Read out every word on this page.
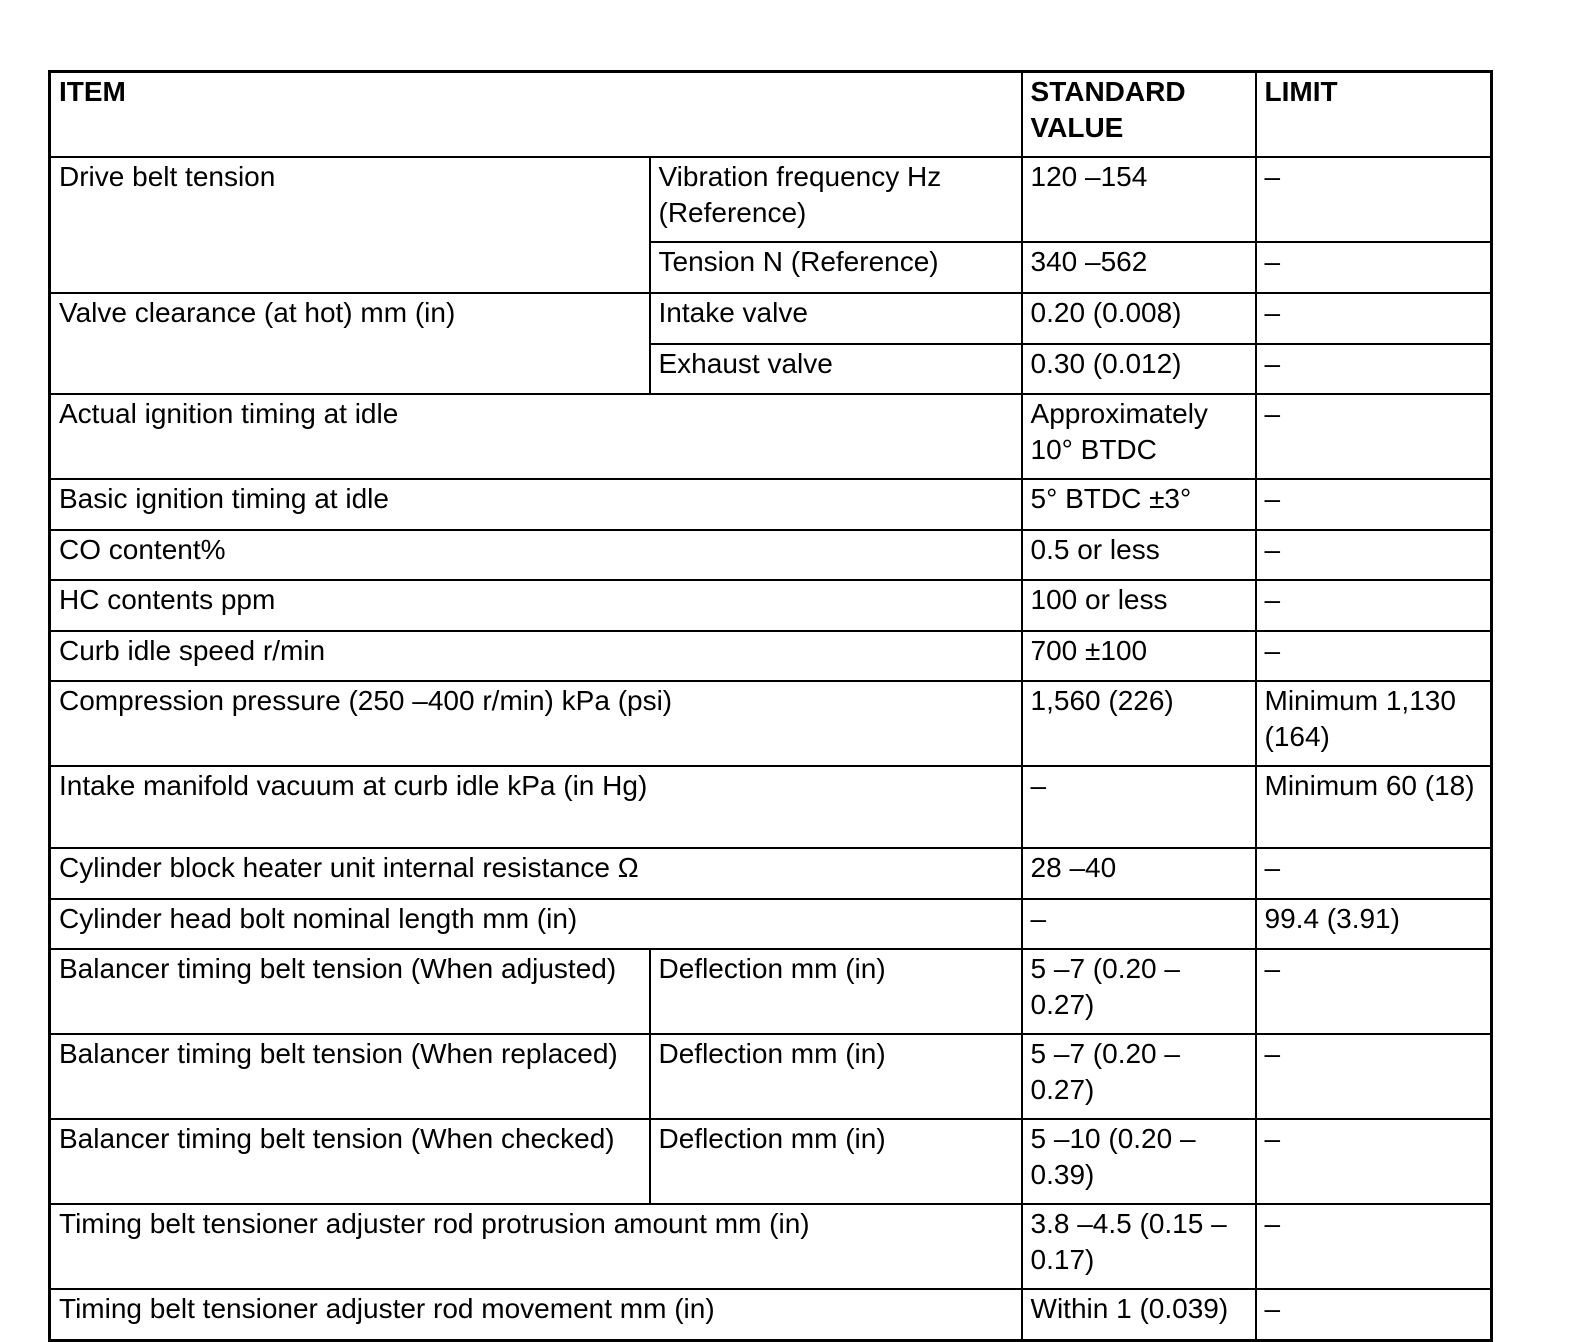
ITEM		STANDARD VALUE	LIMIT
Drive belt tension	Vibration frequency Hz (Reference)	120 –154	–
	Tension N (Reference)	340 –562	–
Valve clearance (at hot) mm (in)	Intake valve	0.20 (0.008)	–
	Exhaust valve	0.30 (0.012)	–
Actual ignition timing at idle		Approximately 10° BTDC	–
Basic ignition timing at idle		5° BTDC ±3°	–
CO content%		0.5 or less	–
HC contents ppm		100 or less	–
Curb idle speed r/min		700 ±100	–
Compression pressure (250 –400 r/min) kPa (psi)		1,560 (226)	Minimum 1,130 (164)
Intake manifold vacuum at curb idle kPa (in Hg)		–	Minimum 60 (18)
Cylinder block heater unit internal resistance Ω		28 –40	–
Cylinder head bolt nominal length mm (in)		–	99.4 (3.91)
Balancer timing belt tension (When adjusted)	Deflection mm (in)	5 –7 (0.20 – 0.27)	–
Balancer timing belt tension (When replaced)	Deflection mm (in)	5 –7 (0.20 – 0.27)	–
Balancer timing belt tension (When checked)	Deflection mm (in)	5 –10 (0.20 – 0.39)	–
Timing belt tensioner adjuster rod protrusion amount mm (in)		3.8 –4.5 (0.15 – 0.17)	–
Timing belt tensioner adjuster rod movement mm (in)		Within 1 (0.039)	–
